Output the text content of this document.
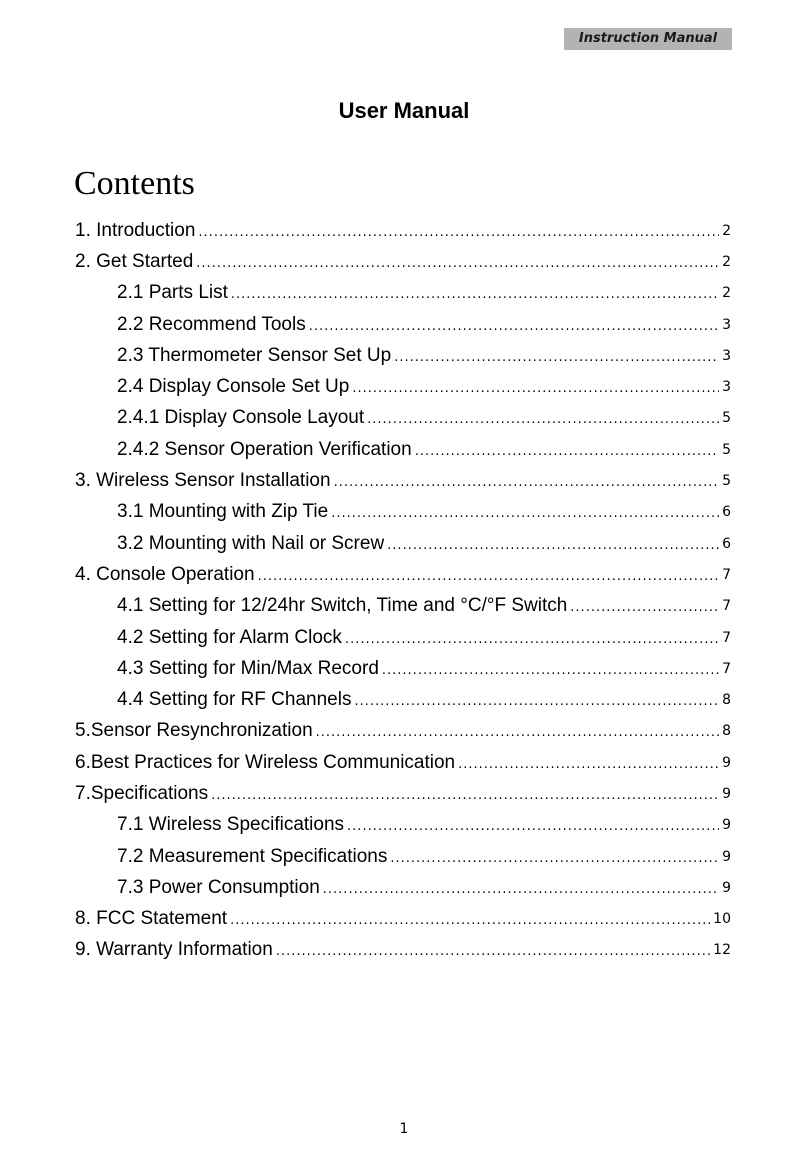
Instruction Manual
User Manual
Contents
1. Introduction .....	2
2. Get Started .....	2
2.1 Parts List .....	2
2.2 Recommend Tools .....	3
2.3 Thermometer Sensor Set Up .....	3
2.4 Display Console Set Up .....	3
2.4.1 Display Console Layout .....	5
2.4.2 Sensor Operation Verification .....	5
3. Wireless Sensor Installation .....	5
3.1 Mounting with Zip Tie .....	6
3.2 Mounting with Nail or Screw .....	6
4. Console Operation .....	7
4.1 Setting for 12/24hr Switch, Time and °C/°F Switch .....	7
4.2 Setting for Alarm Clock .....	7
4.3 Setting for Min/Max Record .....	7
4.4 Setting for RF Channels .....	8
5.Sensor Resynchronization .....	8
6.Best Practices for Wireless Communication .....	9
7.Specifications .....	9
7.1 Wireless Specifications .....	9
7.2 Measurement Specifications .....	9
7.3 Power Consumption .....	9
8. FCC Statement .....	10
9. Warranty Information .....	12
1
